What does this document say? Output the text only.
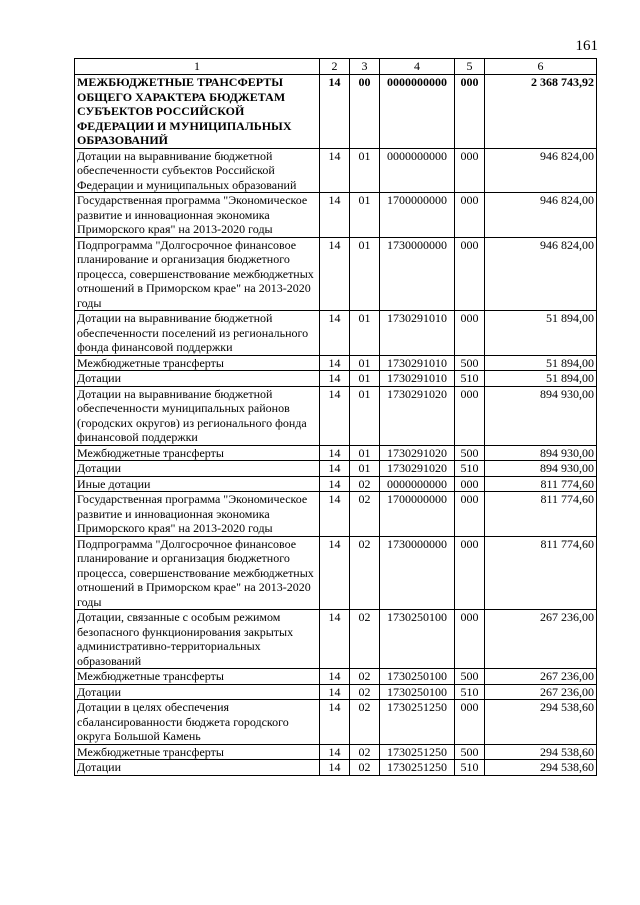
161
1	2	3	4	5	6
МЕЖБЮДЖЕТНЫЕ ТРАНСФЕРТЫ ОБЩЕГО ХАРАКТЕРА БЮДЖЕТАМ СУБЪЕКТОВ РОССИЙСКОЙ ФЕДЕРАЦИИ И МУНИЦИПАЛЬНЫХ ОБРАЗОВАНИЙ	14	00	0000000000	000	2 368 743,92
Дотации на выравнивание бюджетной обеспеченности субъектов Российской Федерации и муниципальных образований	14	01	0000000000	000	946 824,00
Государственная программа "Экономическое развитие и инновационная экономика Приморского края" на 2013-2020 годы	14	01	1700000000	000	946 824,00
Подпрограмма "Долгосрочное финансовое планирование и организация бюджетного процесса, совершенствование межбюджетных отношений в Приморском крае" на 2013-2020 годы	14	01	1730000000	000	946 824,00
Дотации на выравнивание бюджетной обеспеченности поселений из регионального фонда финансовой поддержки	14	01	1730291010	000	51 894,00
Межбюджетные трансферты	14	01	1730291010	500	51 894,00
Дотации	14	01	1730291010	510	51 894,00
Дотации на выравнивание бюджетной обеспеченности муниципальных районов (городских округов) из регионального фонда финансовой поддержки	14	01	1730291020	000	894 930,00
Межбюджетные трансферты	14	01	1730291020	500	894 930,00
Дотации	14	01	1730291020	510	894 930,00
Иные дотации	14	02	0000000000	000	811 774,60
Государственная программа "Экономическое развитие и инновационная экономика Приморского края" на 2013-2020 годы	14	02	1700000000	000	811 774,60
Подпрограмма "Долгосрочное финансовое планирование и организация бюджетного процесса, совершенствование межбюджетных отношений в Приморском крае" на 2013-2020 годы	14	02	1730000000	000	811 774,60
Дотации, связанные с особым режимом безопасного функционирования закрытых административно-территориальных образований	14	02	1730250100	000	267 236,00
Межбюджетные трансферты	14	02	1730250100	500	267 236,00
Дотации	14	02	1730250100	510	267 236,00
Дотации в целях обеспечения сбалансированности бюджета городского округа Большой Камень	14	02	1730251250	000	294 538,60
Межбюджетные трансферты	14	02	1730251250	500	294 538,60
Дотации	14	02	1730251250	510	294 538,60
